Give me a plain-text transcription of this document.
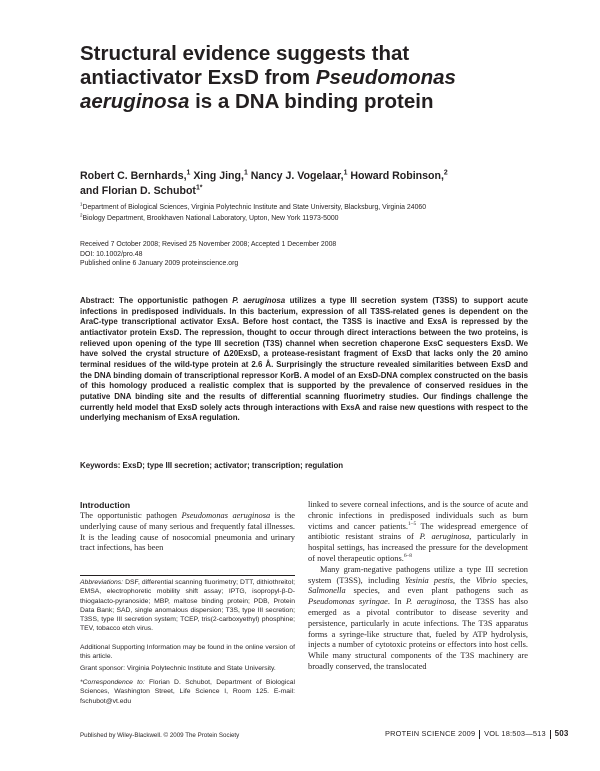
Structural evidence suggests that
antiactivator ExsD from Pseudomonas
aeruginosa is a DNA binding protein
Robert C. Bernhards,$^1$ Xing Jing,$^1$ Nancy J. Vogelaar,$^1$ Howard Robinson,$^2$
and Florian D. Schubot$^{1*}$
$^1$Department of Biological Sciences, Virginia Polytechnic Institute and State University, Blacksburg, Virginia 24060
$^2$Biology Department, Brookhaven National Laboratory, Upton, New York 11973-5000
Received 7 October 2008; Revised 25 November 2008; Accepted 1 December 2008
DOI: 10.1002/pro.48
Published online 6 January 2009 proteinscience.org
Abstract: The opportunistic pathogen P. aeruginosa utilizes a type III secretion system (T3SS) to support acute infections in predisposed individuals. In this bacterium, expression of all T3SS-related genes is dependent on the AraC-type transcriptional activator ExsA. Before host contact, the T3SS is inactive and ExsA is repressed by the antiactivator protein ExsD. The repression, thought to occur through direct interactions between the two proteins, is relieved upon opening of the type III secretion (T3S) channel when secretion chaperone ExsC sequesters ExsD. We have solved the crystal structure of Δ20ExsD, a protease-resistant fragment of ExsD that lacks only the 20 amino terminal residues of the wild-type protein at 2.6 Å. Surprisingly the structure revealed similarities between ExsD and the DNA binding domain of transcriptional repressor KorB. A model of an ExsD-DNA complex constructed on the basis of this homology produced a realistic complex that is supported by the prevalence of conserved residues in the putative DNA binding site and the results of differential scanning fluorimetry studies. Our findings challenge the currently held model that ExsD solely acts through interactions with ExsA and raise new questions with respect to the underlying mechanism of ExsA regulation.
Keywords: ExsD; type III secretion; activator; transcription; regulation
Introduction
The opportunistic pathogen Pseudomonas aeruginosa is the underlying cause of many serious and frequently fatal illnesses. It is the leading cause of nosocomial pneumonia and urinary tract infections, has been
Abbreviations: DSF, differential scanning fluorimetry; DTT, dithiothreitol; EMSA, electrophoretic mobility shift assay; IPTG, isopropyl-β-D-thiogalacto-pyranoside; MBP, maltose binding protein; PDB, Protein Data Bank; SAD, single anomalous dispersion; T3S, type III secretion; T3SS, type III secretion system; TCEP, tris(2-carboxyethyl) phosphine; TEV, tobacco etch virus.
Additional Supporting Information may be found in the online version of this article.
Grant sponsor: Virginia Polytechnic Institute and State University.
*Correspondence to: Florian D. Schubot, Department of Biological Sciences, Washington Street, Life Science I, Room 125. E-mail: fschubot@vt.edu

linked to severe corneal infections, and is the source of acute and chronic infections in predisposed individuals such as burn victims and cancer patients.$^{1-5}$ The widespread emergence of antibiotic resistant strains of P. aeruginosa, particularly in hospital settings, has increased the pressure for the development of novel therapeutic options.$^{6-8}$

Many gram-negative pathogens utilize a type III secretion system (T3SS), including Yesinia pestis, the Vibrio species, Salmonella species, and even plant pathogens such as Pseudomonas syringae. In P. aeruginosa, the T3SS has also emerged as a pivotal contributor to disease severity and persistence, particularly in acute infections. The T3S apparatus forms a syringe-like structure that, fueled by ATP hydrolysis, injects a number of cytotoxic proteins or effectors into host cells. While many structural components of the T3S machinery are broadly conserved, the translocated

Published by Wiley-Blackwell. © 2009 The Protein Society	PROTEIN SCIENCE 2009 VOL 18:503—513 503
